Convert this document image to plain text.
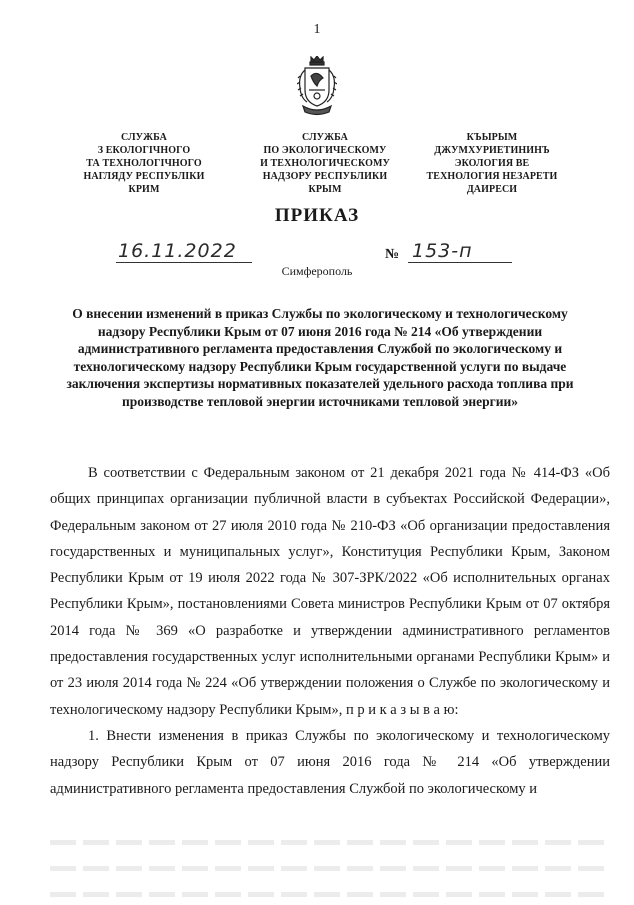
1
СЛУЖБА
З ЕКОЛОГІЧНОГО
ТА ТЕХНОЛОГІЧНОГО
НАГЛЯДУ РЕСПУБЛІКИ
КРИМ
СЛУЖБА
ПО ЭКОЛОГИЧЕСКОМУ
И ТЕХНОЛОГИЧЕСКОМУ
НАДЗОРУ РЕСПУБЛИКИ
КРЫМ
КЪЫРЫМ
ДЖУМХУРИЕТИНИНЪ
ЭКОЛОГИЯ ВЕ
ТЕХНОЛОГИЯ НЕЗАРЕТИ
ДАИРЕСИ
ПРИКАЗ
16.11.2022	№ 153-п
Симферополь
О внесении изменений в приказ Службы по экологическому и технологическому надзору Республики Крым от 07 июня 2016 года № 214 «Об утверждении административного регламента предоставления Службой по экологическому и технологическому надзору Республики Крым государственной услуги по выдаче заключения экспертизы нормативных показателей удельного расхода топлива при производстве тепловой энергии источниками тепловой энергии»

В соответствии с Федеральным законом от 21 декабря 2021 года № 414-ФЗ «Об общих принципах организации публичной власти в субъектах Российской Федерации», Федеральным законом от 27 июля 2010 года № 210-ФЗ «Об организации предоставления государственных и муниципальных услуг», Конституция Республики Крым, Законом Республики Крым от 19 июля 2022 года № 307-ЗРК/2022 «Об исполнительных органах Республики Крым», постановлениями Совета министров Республики Крым от 07 октября 2014 года № 369 «О разработке и утверждении административного регламентов предоставления государственных услуг исполнительными органами Республики Крым» и от 23 июля 2014 года № 224 «Об утверждении положения о Службе по экологическому и технологическому надзору Республики Крым», п р и к а з ы в а ю:

1. Внести изменения в приказ Службы по экологическому и технологическому надзору Республики Крым от 07 июня 2016 года № 214 «Об утверждении административного регламента предоставления Службой по экологическому и
